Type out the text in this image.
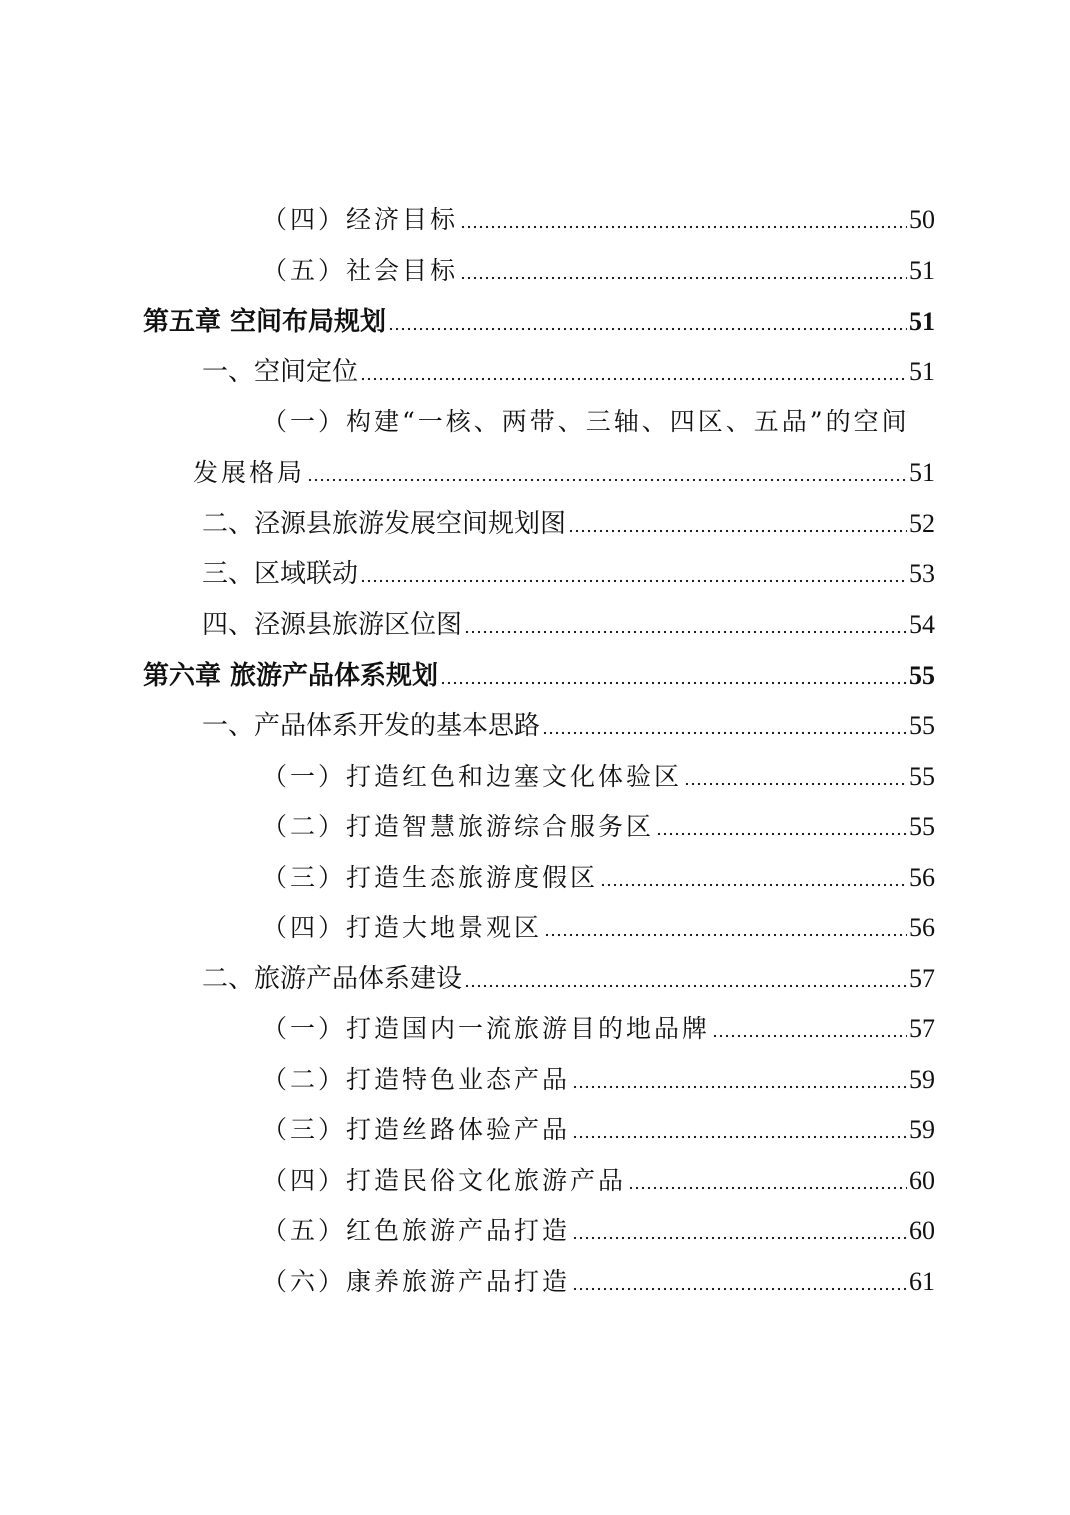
（四）经济目标	50
（五）社会目标	51
第五章 空间布局规划	51
一、空间定位	51
（一）构建“一核、两带、三轴、四区、五品”的空间
发展格局	51
二、泾源县旅游发展空间规划图	52
三、区域联动	53
四、泾源县旅游区位图	54
第六章 旅游产品体系规划	55
一、产品体系开发的基本思路	55
（一）打造红色和边塞文化体验区	55
（二）打造智慧旅游综合服务区	55
（三）打造生态旅游度假区	56
（四）打造大地景观区	56
二、旅游产品体系建设	57
（一）打造国内一流旅游目的地品牌	57
（二）打造特色业态产品	59
（三）打造丝路体验产品	59
（四）打造民俗文化旅游产品	60
（五）红色旅游产品打造	60
（六）康养旅游产品打造	61
